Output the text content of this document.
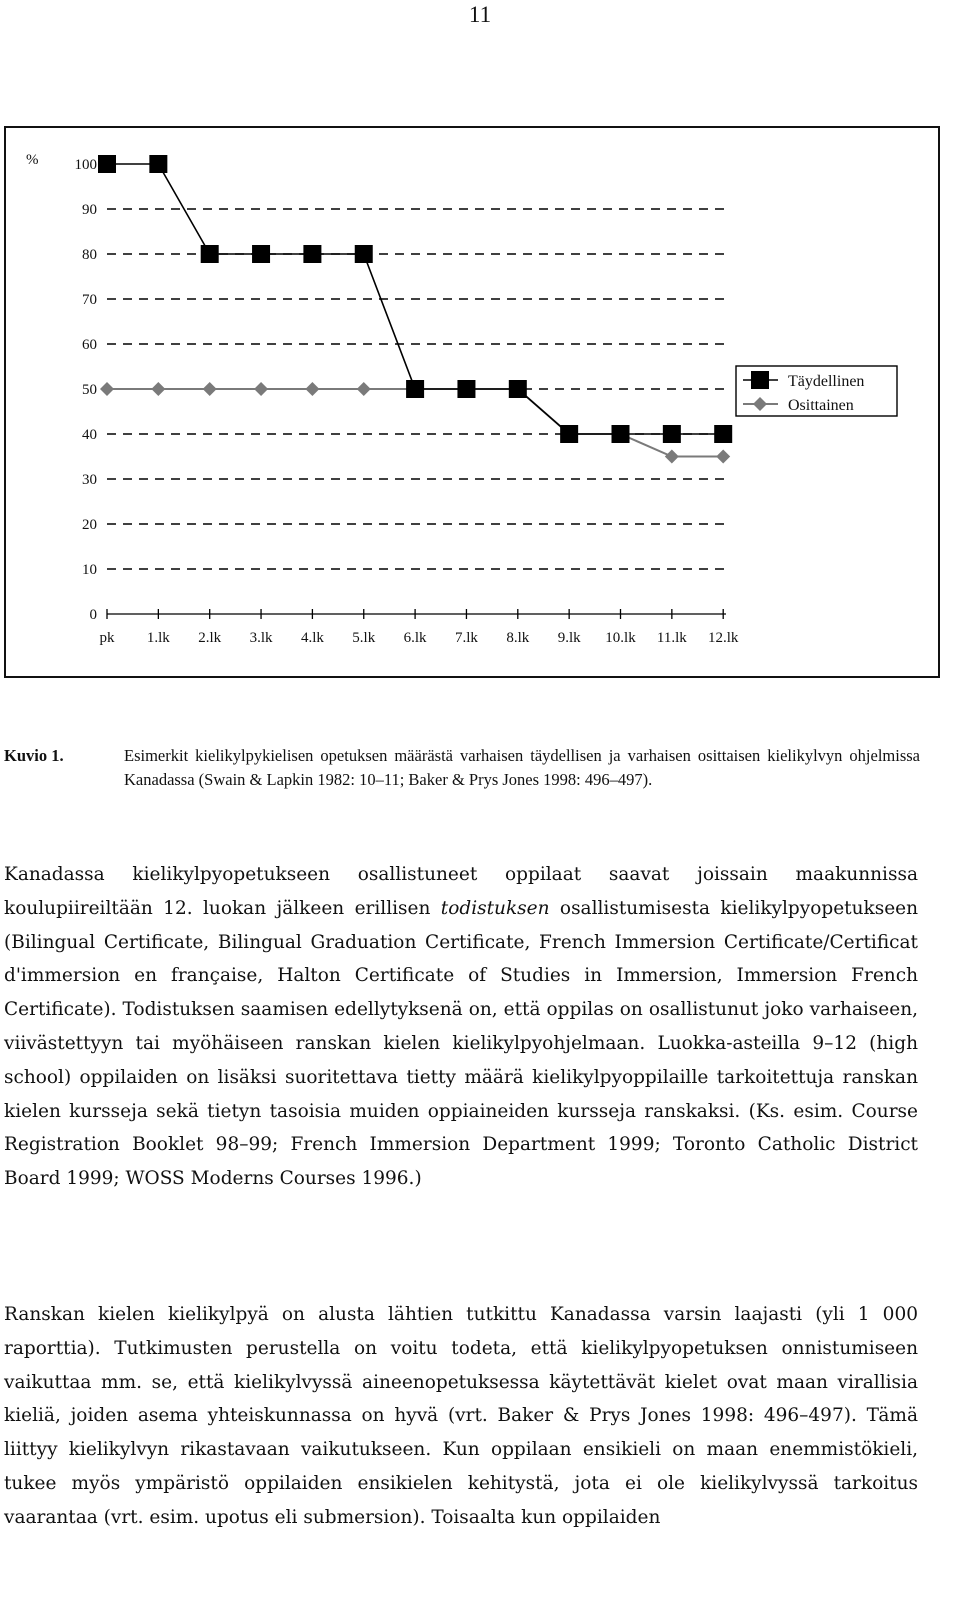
11
pk 1.lk 2.lk 3.lk 4.lk 5.lk 6.lk 7.lk 8.lk 9.lk 10.lk 11.lk 12.lk
%
0
10
20
30
40
50
60
70
80
90
100
Täydellinen
Osittainen
Kuvio 1.	Esimerkit kielikylpykielisen opetuksen määrästä varhaisen täydellisen ja varhaisen osittaisen kielikylvyn ohjelmissa Kanadassa (Swain & Lapkin 1982: 10–11; Baker & Prys Jones 1998: 496–497).
Kanadassa kielikylpyopetukseen osallistuneet oppilaat saavat joissain maakunnissa koulupiireiltään 12. luokan jälkeen erillisen todistuksen osallistumisesta kielikylpyopetukseen (Bilingual Certificate, Bilingual Graduation Certificate, French Immersion Certificate/Certificat d'immersion en française, Halton Certificate of Studies in Immersion, Immersion French Certificate). Todistuksen saamisen edellytyksenä on, että oppilas on osallistunut joko varhaiseen, viivästettyyn tai myöhäiseen ranskan kielen kielikylpyohjelmaan. Luokka-asteilla 9–12 (high school) oppilaiden on lisäksi suoritettava tietty määrä kielikylpyoppilaille tarkoitettuja ranskan kielen kursseja sekä tietyn tasoisia muiden oppiaineiden kursseja ranskaksi. (Ks. esim. Course Registration Booklet 98–99; French Immersion Department 1999; Toronto Catholic District Board 1999; WOSS Moderns Courses 1996.)
Ranskan kielen kielikylpyä on alusta lähtien tutkittu Kanadassa varsin laajasti (yli 1 000 raporttia). Tutkimusten perustella on voitu todeta, että kielikylpyopetuksen onnistumiseen vaikuttaa mm. se, että kielikylvyssä aineenopetuksessa käytettävät kielet ovat maan virallisia kieliä, joiden asema yhteiskunnassa on hyvä (vrt. Baker & Prys Jones 1998: 496–497). Tämä liittyy kielikylvyn rikastavaan vaikutukseen. Kun oppilaan ensikieli on maan enemmistökieli, tukee myös ympäristö oppilaiden ensikielen kehitystä, jota ei ole kielikylvyssä tarkoitus vaarantaa (vrt. esim. upotus eli submersion). Toisaalta kun oppilaiden
